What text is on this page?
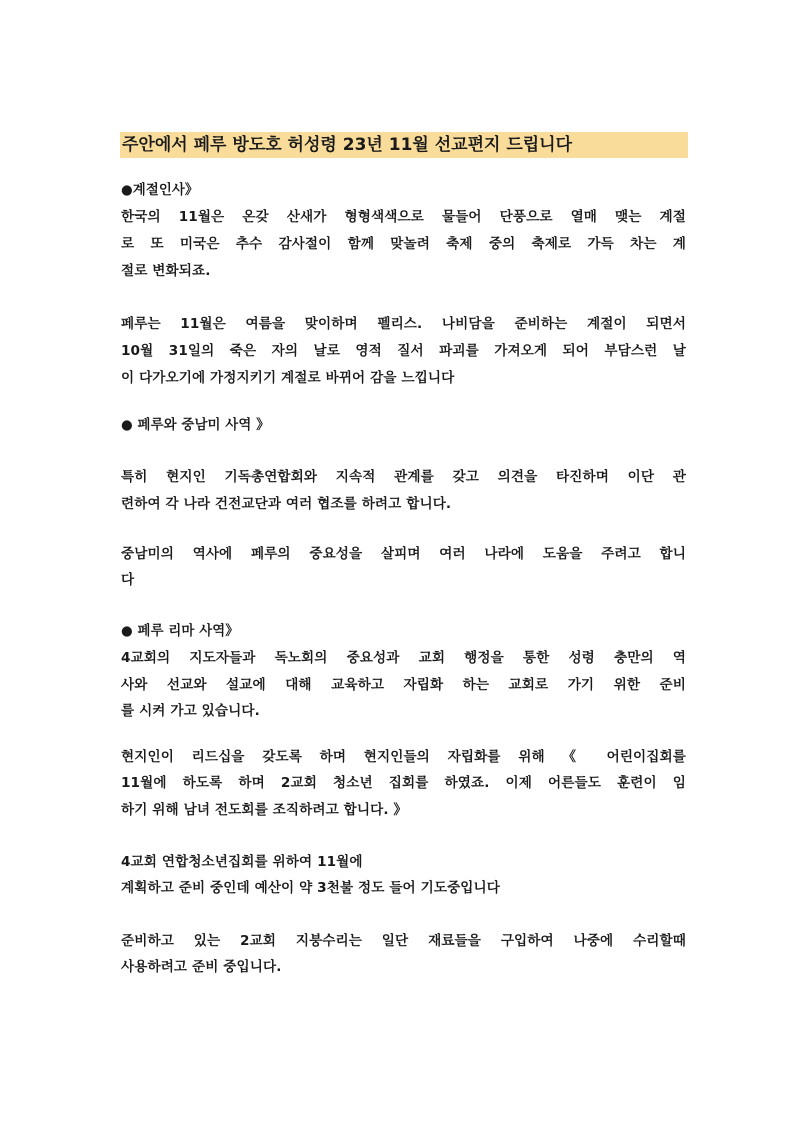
주안에서 페루 방도호 허성령 23년 11월 선교편지 드립니다
●계절인사》
한국의 11월은 온갖 산새가 형형색색으로 물들어 단풍으로 열매 맺는 계절
로 또 미국은 추수 감사절이 함께 맞놀려 축제 중의 축제로 가득 차는 계
절로 변화되죠.
페루는 11월은 여름을 맞이하며 펠리스. 나비담을 준비하는 계절이 되면서
10월 31일의 죽은 자의 날로 영적 질서 파괴를 가져오게 되어 부담스런 날
이 다가오기에 가정지키기 계절로 바뀌어 감을 느낍니다
● 페루와 중남미 사역 》
특히 현지인 기독총연합회와 지속적 관계를 갖고 의견을 타진하며 이단 관
련하여 각 나라 건전교단과 여러 협조를 하려고 합니다.
중남미의 역사에 페루의 중요성을 살피며 여러 나라에 도움을 주려고 합니
다
● 페루 리마 사역》
4교회의 지도자들과 독노회의 중요성과 교회 행정을 통한 성령 충만의 역
사와 선교와 설교에 대해 교육하고 자립화 하는 교회로 가기 위한 준비
를 시켜 가고 있습니다.
현지인이 리드십을 갖도록 하며 현지인들의 자립화를 위해 《 어린이집회를
11월에 하도록 하며 2교회 청소년 집회를 하였죠. 이제 어른들도 훈련이 임
하기 위해 남녀 전도회를 조직하려고 합니다. 》
4교회 연합청소년집회를 위하여 11월에
계획하고 준비 중인데 예산이 약 3천불 정도 들어 기도중입니다
준비하고 있는 2교회 지붕수리는 일단 재료들을 구입하여 나중에 수리할때
사용하려고 준비 중입니다.
